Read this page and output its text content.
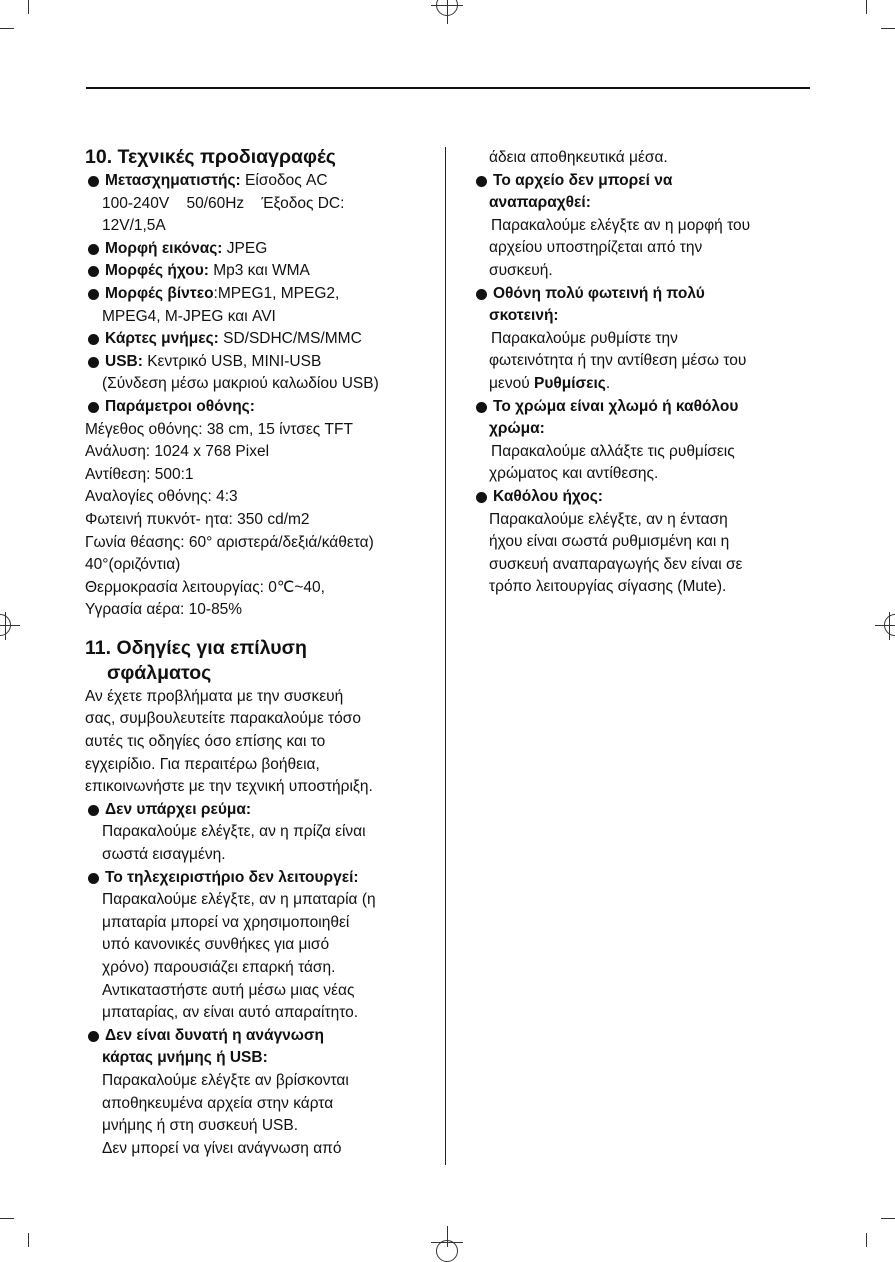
10. Τεχνικές προδιαγραφές
Μετασχηματιστής: Είσοδος AC
100-240V    50/60Hz    Έξοδος DC:
12V/1,5A
Μορφή εικόνας: JPEG
Μορφές ήχου: Mp3 και WMA
Μορφές βίντεο:MPEG1, MPEG2,
MPEG4, M-JPEG και AVI
Κάρτες μνήμες: SD/SDHC/MS/MMC
USB: Κεντρικό USB, MINI-USB
(Σύνδεση μέσω μακριού καλωδίου USB)
Παράμετροι οθόνης:
Μέγεθος οθόνης: 38 cm, 15 ίντσες TFT
Ανάλυση: 1024 x 768 Pixel
Αντίθεση: 500:1
Αναλογίες οθόνης: 4:3
Φωτεινή πυκνότ- ητα: 350 cd/m2
Γωνία θέασης: 60° αριστερά/δεξιά/κάθετα)
40°(οριζόντια)
Θερμοκρασία λειτουργίας: 0℃~40,
Υγρασία αέρα: 10-85%
11. Οδηγίες για επίλυση
σφάλματος
Αν έχετε προβλήματα με την συσκευή
σας, συμβουλευτείτε παρακαλούμε τόσο
αυτές τις οδηγίες όσο επίσης και το
εγχειρίδιο. Για περαιτέρω βοήθεια,
επικοινωνήστε με την τεχνική υποστήριξη.
Δεν υπάρχει ρεύμα:
Παρακαλούμε ελέγξτε, αν η πρίζα είναι
σωστά εισαγμένη.
Το τηλεχειριστήριο δεν λειτουργεί:
Παρακαλούμε ελέγξτε, αν η μπαταρία (η
μπαταρία μπορεί να χρησιμοποιηθεί
υπό κανονικές συνθήκες για μισό
χρόνο) παρουσιάζει επαρκή τάση.
Αντικαταστήστε αυτή μέσω μιας νέας
μπαταρίας, αν είναι αυτό απαραίτητο.
Δεν είναι δυνατή η ανάγνωση
κάρτας μνήμης ή USB:
Παρακαλούμε ελέγξτε αν βρίσκονται
αποθηκευμένα αρχεία στην κάρτα
μνήμης ή στη συσκευή USB.
Δεν μπορεί να γίνει ανάγνωση από
άδεια αποθηκευτικά μέσα.
Το αρχείο δεν μπορεί να
αναπαραχθεί:
Παρακαλούμε ελέγξτε αν η μορφή του
αρχείου υποστηρίζεται από την
συσκευή.
Οθόνη πολύ φωτεινή ή πολύ
σκοτεινή:
Παρακαλούμε ρυθμίστε την
φωτεινότητα ή την αντίθεση μέσω του
μενού Ρυθμίσεις.
Το χρώμα είναι χλωμό ή καθόλου
χρώμα:
Παρακαλούμε αλλάξτε τις ρυθμίσεις
χρώματος και αντίθεσης.
Καθόλου ήχος:
Παρακαλούμε ελέγξτε, αν η ένταση
ήχου είναι σωστά ρυθμισμένη και η
συσκευή αναπαραγωγής δεν είναι σε
τρόπο λειτουργίας σίγασης (Mute).
